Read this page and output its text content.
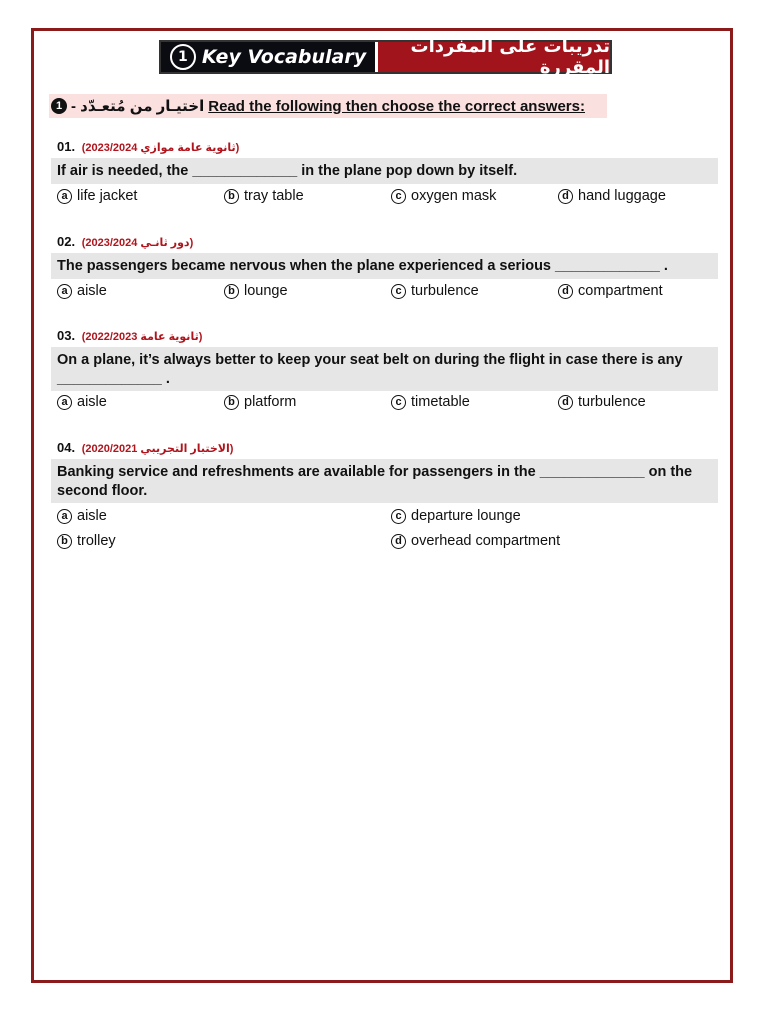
1 Key Vocabulary	تدريبات على المفردات المقررة
1 اختيـار من مُتعـدّد - Read the following then choose the correct answers:
01. (ثانوية عامة موازي 2023/2024)
If air is needed, the _____________ in the plane pop down by itself.
a life jacket	b tray table	c oxygen mask	d hand luggage
02. (دور ثانـي 2023/2024)
The passengers became nervous when the plane experienced a serious _____________ .
a aisle	b lounge	c turbulence	d compartment
03. (ثانوية عامة 2022/2023)
On a plane, it’s always better to keep your seat belt on during the flight in case there is any _____________ .
a aisle	b platform	c timetable	d turbulence
04. (الاختبار التجريبي 2020/2021)
Banking service and refreshments are available for passengers in the _____________ on the second floor.
a aisle
b trolley
c departure lounge
d overhead compartment
